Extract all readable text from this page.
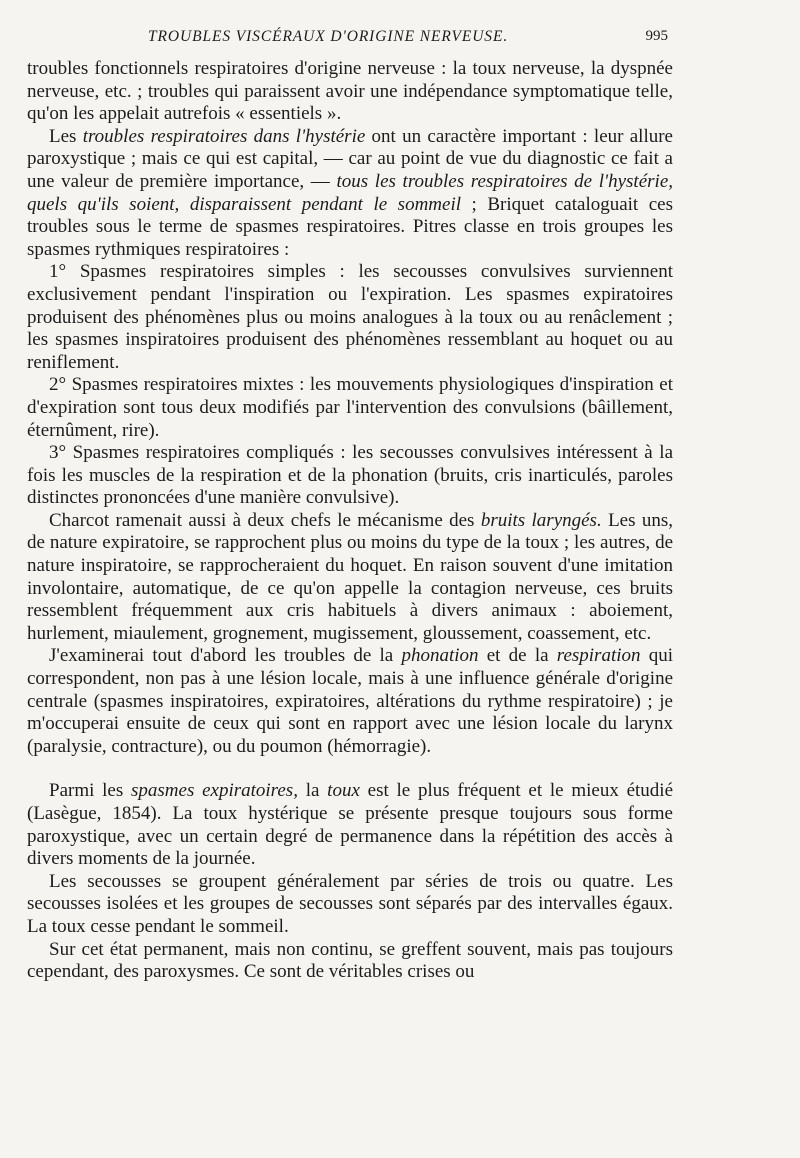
TROUBLES VISCÉRAUX D'ORIGINE NERVEUSE.	995

troubles fonctionnels respiratoires d'origine nerveuse : la toux nerveuse, la dyspnée nerveuse, etc. ; troubles qui paraissent avoir une indépendance symptomatique telle, qu'on les appelait autrefois « essentiels ».

Les troubles respiratoires dans l'hystérie ont un caractère important : leur allure paroxystique ; mais ce qui est capital, — car au point de vue du diagnostic ce fait a une valeur de première importance, — tous les troubles respiratoires de l'hystérie, quels qu'ils soient, disparaissent pendant le sommeil ; Briquet cataloguait ces troubles sous le terme de spasmes respiratoires. Pitres classe en trois groupes les spasmes rythmiques respiratoires :

1° Spasmes respiratoires simples : les secousses convulsives surviennent exclusivement pendant l'inspiration ou l'expiration. Les spasmes expiratoires produisent des phénomènes plus ou moins analogues à la toux ou au renâclement ; les spasmes inspiratoires produisent des phénomènes ressemblant au hoquet ou au reniflement.

2° Spasmes respiratoires mixtes : les mouvements physiologiques d'inspiration et d'expiration sont tous deux modifiés par l'intervention des convulsions (bâillement, éternûment, rire).

3° Spasmes respiratoires compliqués : les secousses convulsives intéressent à la fois les muscles de la respiration et de la phonation (bruits, cris inarticulés, paroles distinctes prononcées d'une manière convulsive).

Charcot ramenait aussi à deux chefs le mécanisme des bruits laryngés. Les uns, de nature expiratoire, se rapprochent plus ou moins du type de la toux ; les autres, de nature inspiratoire, se rapprocheraient du hoquet. En raison souvent d'une imitation involontaire, automatique, de ce qu'on appelle la contagion nerveuse, ces bruits ressemblent fréquemment aux cris habituels à divers animaux : aboiement, hurlement, miaulement, grognement, mugissement, gloussement, coassement, etc.

J'examinerai tout d'abord les troubles de la phonation et de la respiration qui correspondent, non pas à une lésion locale, mais à une influence générale d'origine centrale (spasmes inspiratoires, expiratoires, altérations du rythme respiratoire) ; je m'occuperai ensuite de ceux qui sont en rapport avec une lésion locale du larynx (paralysie, contracture), ou du poumon (hémorragie).

Parmi les spasmes expiratoires, la toux est le plus fréquent et le mieux étudié (Lasègue, 1854). La toux hystérique se présente presque toujours sous forme paroxystique, avec un certain degré de permanence dans la répétition des accès à divers moments de la journée.

Les secousses se groupent généralement par séries de trois ou quatre. Les secousses isolées et les groupes de secousses sont séparés par des intervalles égaux. La toux cesse pendant le sommeil.

Sur cet état permanent, mais non continu, se greffent souvent, mais pas toujours cependant, des paroxysmes. Ce sont de véritables crises ou
